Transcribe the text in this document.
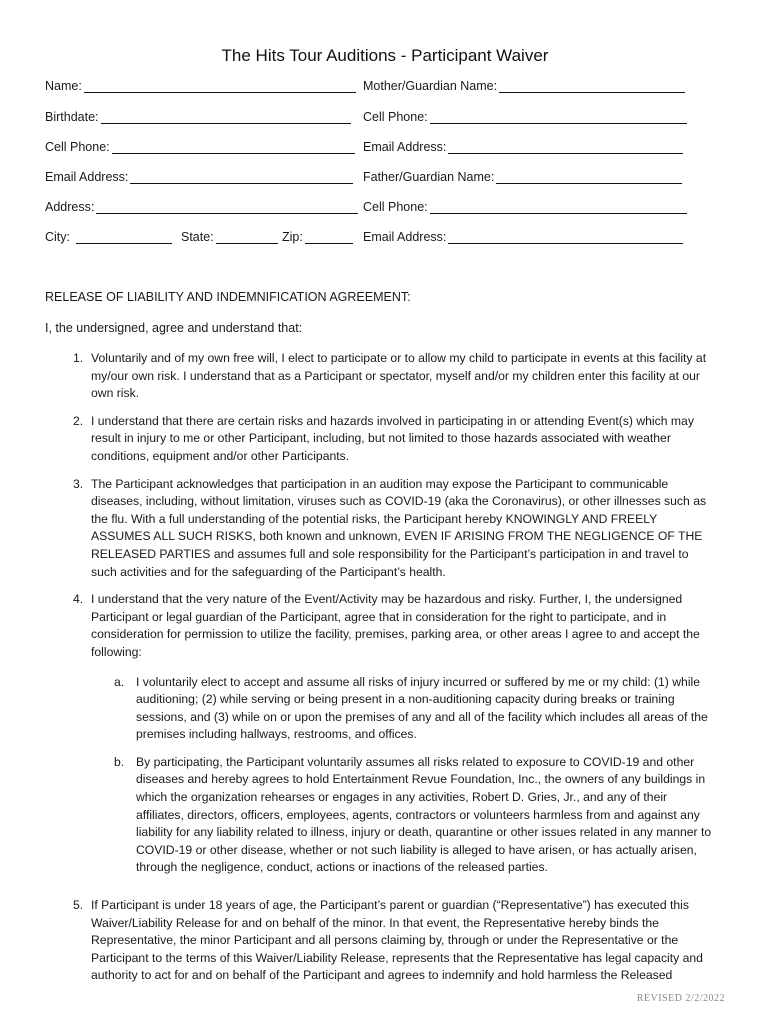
The Hits Tour Auditions - Participant Waiver
Name:	Mother/Guardian Name:
Birthdate:	Cell Phone:
Cell Phone:	Email Address:
Email Address:	Father/Guardian Name:
Address:	Cell Phone:
City:	State:	Zip:	Email Address:
RELEASE OF LIABILITY AND INDEMNIFICATION AGREEMENT:
I, the undersigned, agree and understand that:
1. Voluntarily and of my own free will, I elect to participate or to allow my child to participate in events at this facility at my/our own risk. I understand that as a Participant or spectator, myself and/or my children enter this facility at our own risk.
2. I understand that there are certain risks and hazards involved in participating in or attending Event(s) which may result in injury to me or other Participant, including, but not limited to those hazards associated with weather conditions, equipment and/or other Participants.
3. The Participant acknowledges that participation in an audition may expose the Participant to communicable diseases, including, without limitation, viruses such as COVID-19 (aka the Coronavirus), or other illnesses such as the flu. With a full understanding of the potential risks, the Participant hereby KNOWINGLY AND FREELY ASSUMES ALL SUCH RISKS, both known and unknown, EVEN IF ARISING FROM THE NEGLIGENCE OF THE RELEASED PARTIES and assumes full and sole responsibility for the Participant’s participation in and travel to such activities and for the safeguarding of the Participant’s health.
4. I understand that the very nature of the Event/Activity may be hazardous and risky. Further, I, the undersigned Participant or legal guardian of the Participant, agree that in consideration for the right to participate, and in consideration for permission to utilize the facility, premises, parking area, or other areas I agree to and accept the following:
a. I voluntarily elect to accept and assume all risks of injury incurred or suffered by me or my child: (1) while auditioning; (2) while serving or being present in a non-auditioning capacity during breaks or training sessions, and (3) while on or upon the premises of any and all of the facility which includes all areas of the premises including hallways, restrooms, and offices.
b. By participating, the Participant voluntarily assumes all risks related to exposure to COVID-19 and other diseases and hereby agrees to hold Entertainment Revue Foundation, Inc., the owners of any buildings in which the organization rehearses or engages in any activities, Robert D. Gries, Jr., and any of their affiliates, directors, officers, employees, agents, contractors or volunteers harmless from and against any liability for any liability related to illness, injury or death, quarantine or other issues related in any manner to COVID-19 or other disease, whether or not such liability is alleged to have arisen, or has actually arisen, through the negligence, conduct, actions or inactions of the released parties.
5. If Participant is under 18 years of age, the Participant’s parent or guardian (“Representative”) has executed this Waiver/Liability Release for and on behalf of the minor. In that event, the Representative hereby binds the Representative, the minor Participant and all persons claiming by, through or under the Representative or the Participant to the terms of this Waiver/Liability Release, represents that the Representative has legal capacity and authority to act for and on behalf of the Participant and agrees to indemnify and hold harmless the Released
REVISED 2/2/2022
